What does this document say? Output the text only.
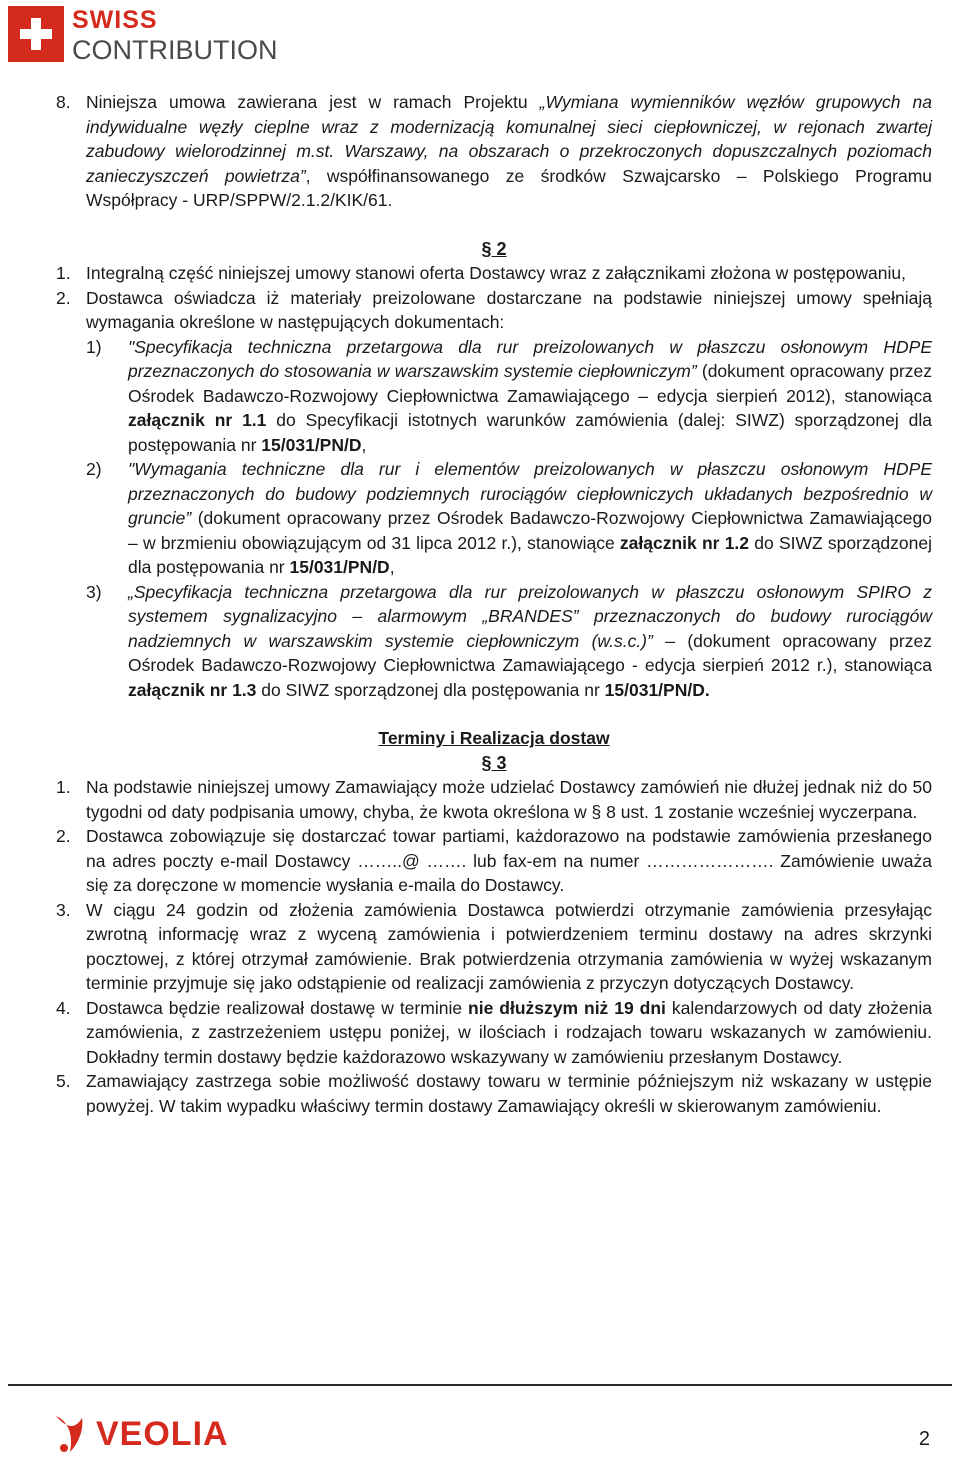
SWISS
CONTRIBUTION
8. Niniejsza umowa zawierana jest w ramach Projektu „Wymiana wymienników węzłów grupowych na indywidualne węzły cieplne wraz z modernizacją komunalnej sieci ciepłowniczej, w rejonach zwartej zabudowy wielorodzinnej m.st. Warszawy, na obszarach o przekroczonych dopuszczalnych poziomach zanieczyszczeń powietrza”, współfinansowanego ze środków Szwajcarsko – Polskiego Programu Współpracy - URP/SPPW/2.1.2/KIK/61.
§ 2
1. Integralną część niniejszej umowy stanowi oferta Dostawcy wraz z załącznikami złożona w postępowaniu,
2. Dostawca oświadcza iż materiały preizolowane dostarczane na podstawie niniejszej umowy spełniają wymagania określone w następujących dokumentach:
1)	"Specyfikacja techniczna przetargowa dla rur preizolowanych w płaszczu osłonowym HDPE przeznaczonych do stosowania w warszawskim systemie ciepłowniczym” (dokument opracowany przez Ośrodek Badawczo-Rozwojowy Ciepłownictwa Zamawiającego – edycja sierpień 2012), stanowiąca załącznik nr 1.1 do Specyfikacji istotnych warunków zamówienia (dalej: SIWZ) sporządzonej dla postępowania nr 15/031/PN/D,
2)	"Wymagania techniczne dla rur i elementów preizolowanych w płaszczu osłonowym HDPE przeznaczonych do budowy podziemnych rurociągów ciepłowniczych układanych bezpośrednio w gruncie” (dokument opracowany przez Ośrodek Badawczo-Rozwojowy Ciepłownictwa Zamawiającego – w brzmieniu obowiązującym od 31 lipca 2012 r.), stanowiące załącznik nr 1.2 do SIWZ sporządzonej dla postępowania nr 15/031/PN/D,
3)	„Specyfikacja techniczna przetargowa dla rur preizolowanych w płaszczu osłonowym SPIRO z systemem sygnalizacyjno – alarmowym „BRANDES” przeznaczonych do budowy rurociągów nadziemnych w warszawskim systemie ciepłowniczym (w.s.c.)” – (dokument opracowany przez Ośrodek Badawczo-Rozwojowy Ciepłownictwa Zamawiającego - edycja sierpień 2012 r.), stanowiąca załącznik nr 1.3 do SIWZ sporządzonej dla postępowania nr 15/031/PN/D.
Terminy i Realizacja dostaw
§ 3
1. Na podstawie niniejszej umowy Zamawiający może udzielać Dostawcy zamówień nie dłużej jednak niż do 50 tygodni od daty podpisania umowy, chyba, że kwota określona w § 8 ust. 1 zostanie wcześniej wyczerpana.
2. Dostawca zobowiązuje się dostarczać towar partiami, każdorazowo na podstawie zamówienia przesłanego na adres poczty e-mail Dostawcy ……..@ ……. lub fax-em na numer …………………. Zamówienie uważa się za doręczone w momencie wysłania e-maila do Dostawcy.
3. W ciągu 24 godzin od złożenia zamówienia Dostawca potwierdzi otrzymanie zamówienia przesyłając zwrotną informację wraz z wyceną zamówienia i potwierdzeniem terminu dostawy na adres skrzynki pocztowej, z której otrzymał zamówienie. Brak potwierdzenia otrzymania zamówienia w wyżej wskazanym terminie przyjmuje się jako odstąpienie od realizacji zamówienia z przyczyn dotyczących Dostawcy.
4. Dostawca będzie realizował dostawę w terminie nie dłuższym niż 19 dni kalendarzowych od daty złożenia zamówienia, z zastrzeżeniem ustępu poniżej, w ilościach i rodzajach towaru wskazanych w zamówieniu. Dokładny termin dostawy będzie każdorazowo wskazywany w zamówieniu przesłanym Dostawcy.
5. Zamawiający zastrzega sobie możliwość dostawy towaru w terminie późniejszym niż wskazany w ustępie powyżej. W takim wypadku właściwy termin dostawy Zamawiający określi w skierowanym zamówieniu.
VEOLIA	2
